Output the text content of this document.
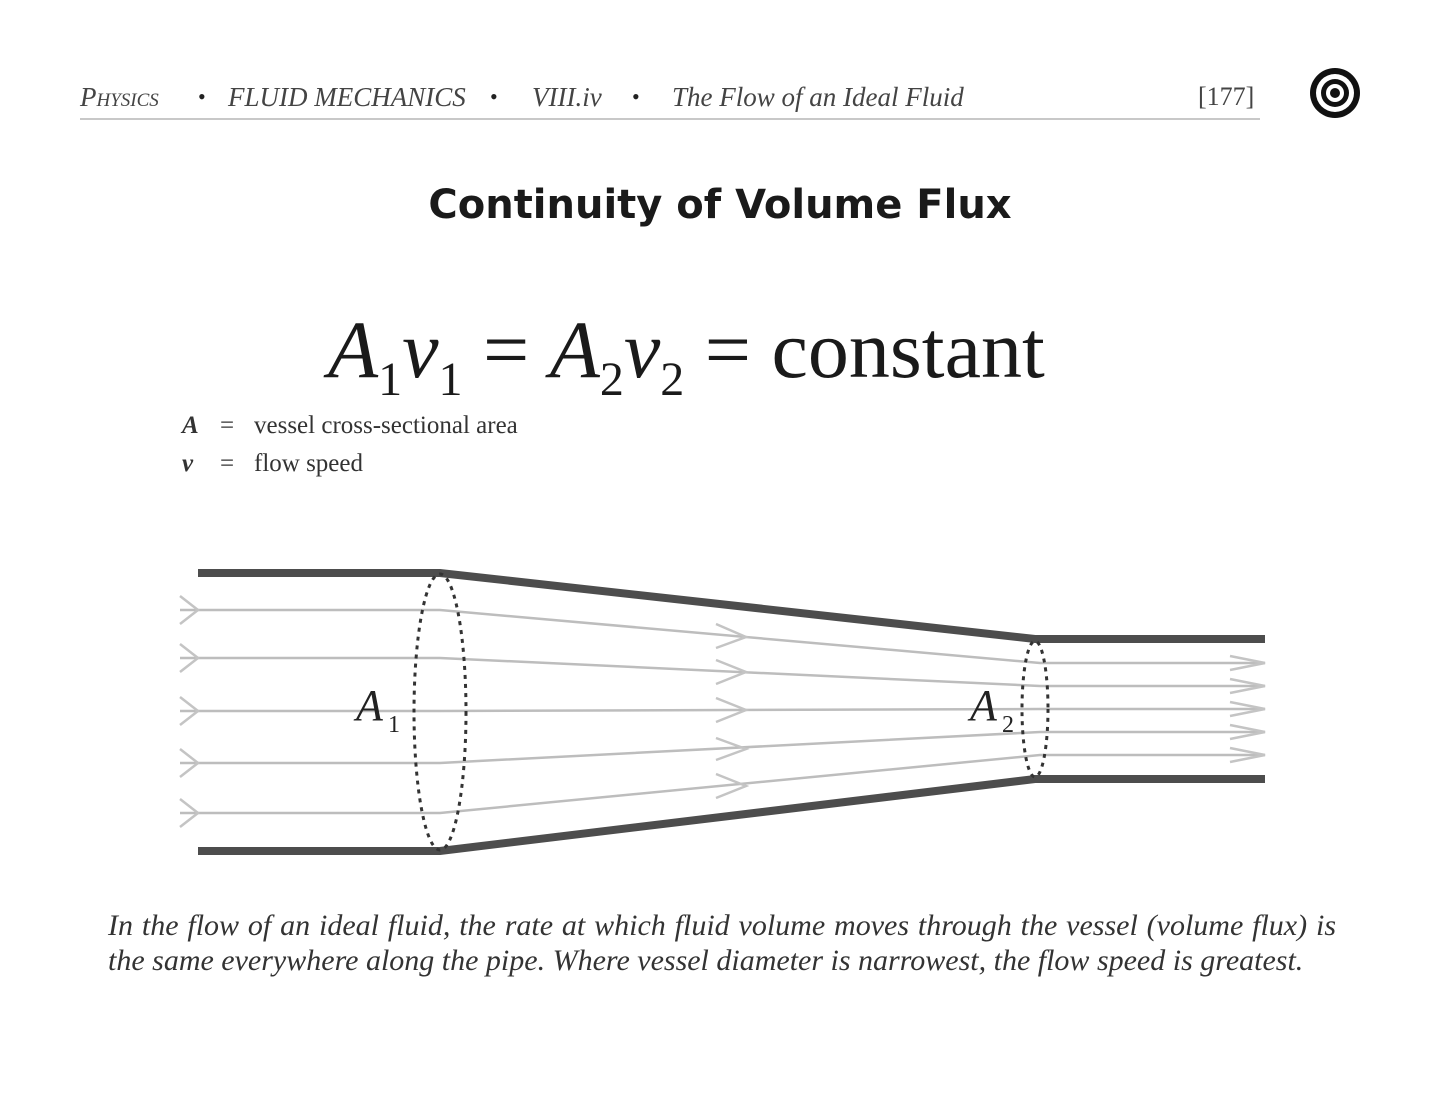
Physics • FLUID MECHANICS • VIII.iv • The Flow of an Ideal Fluid	[177]
Continuity of Volume Flux
$A_1v_1 = A_2v_2$ = constant
A = vessel cross-sectional area
v = flow speed
A 1	A 2
In the flow of an ideal fluid, the rate at which fluid volume moves through the vessel (volume flux) is the same everywhere along the pipe. Where vessel diameter is narrowest, the flow speed is greatest.
